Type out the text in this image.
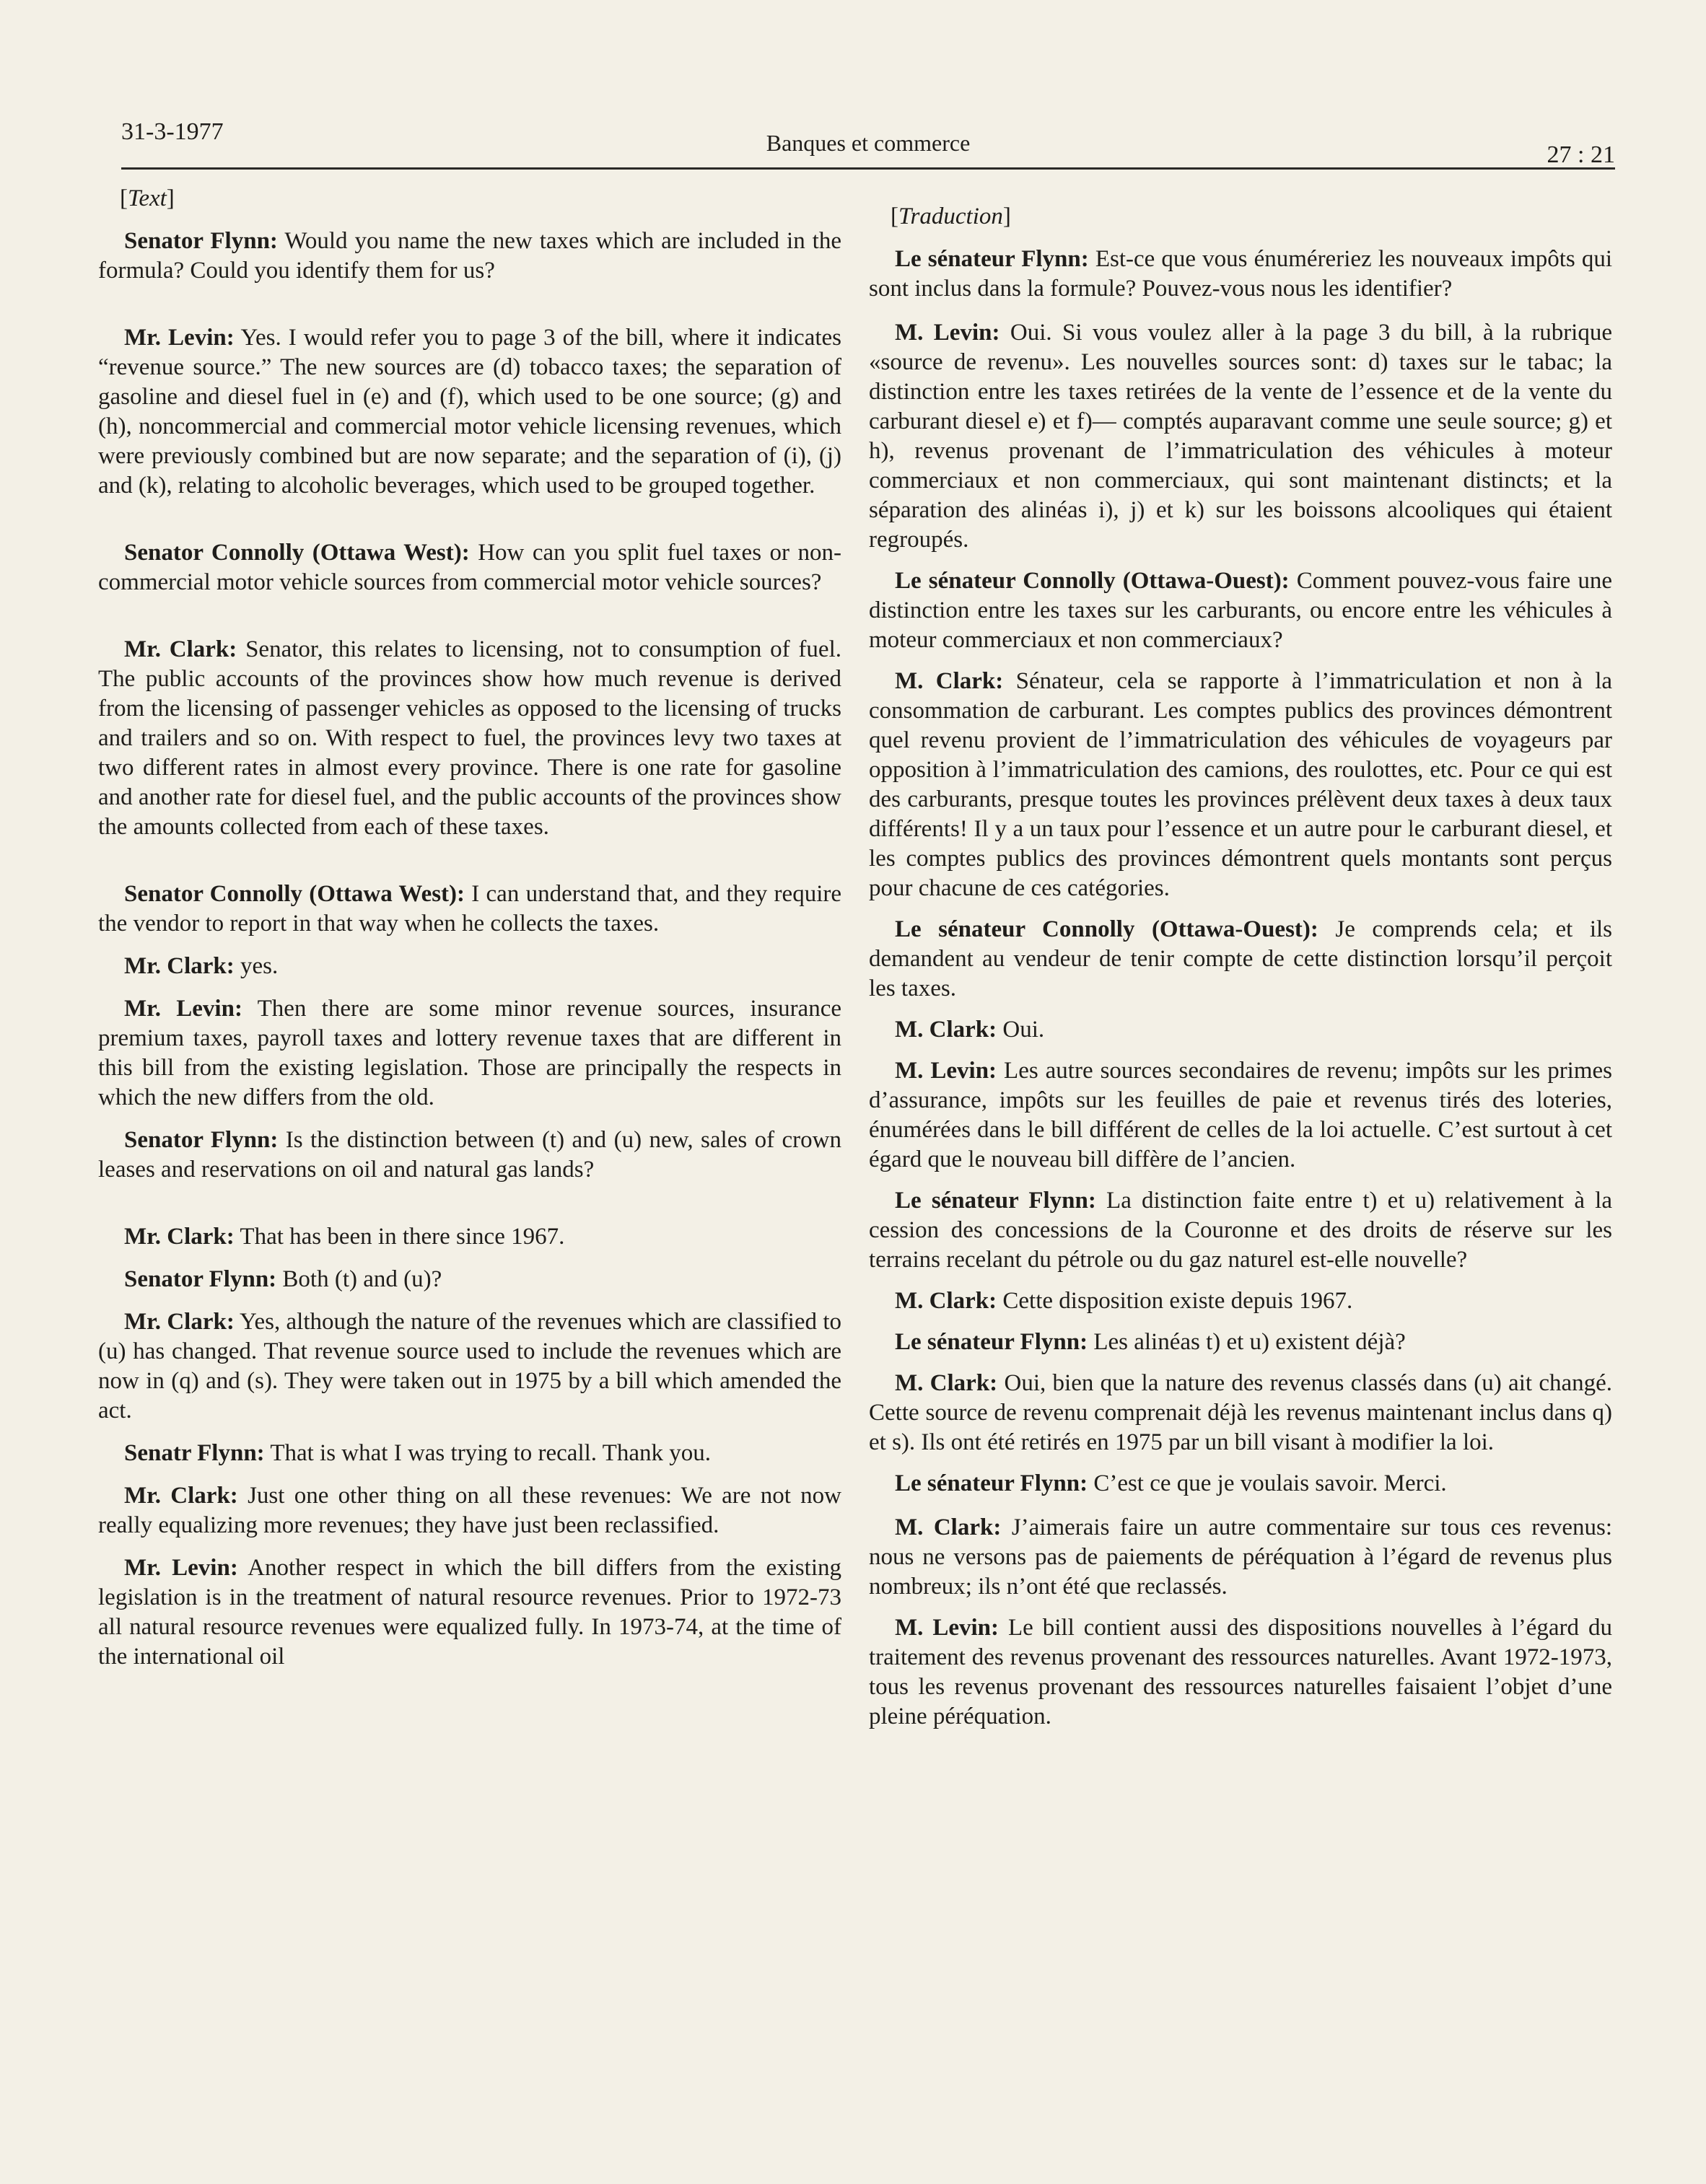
31-3-1977	Banques et commerce	27 : 21
[Text]

Senator Flynn: Would you name the new taxes which are included in the formula? Could you identify them for us?

Mr. Levin: Yes. I would refer you to page 3 of the bill, where it indicates “revenue source.” The new sources are (d) tobacco taxes; the separation of gasoline and diesel fuel in (e) and (f), which used to be one source; (g) and (h), noncommercial and commercial motor vehicle licensing revenues, which were previously combined but are now separate; and the separation of (i), (j) and (k), relating to alcoholic beverages, which used to be grouped together.

Senator Connolly (Ottawa West): How can you split fuel taxes or non-commercial motor vehicle sources from commercial motor vehicle sources?

Mr. Clark: Senator, this relates to licensing, not to consumption of fuel. The public accounts of the provinces show how much revenue is derived from the licensing of passenger vehicles as opposed to the licensing of trucks and trailers and so on. With respect to fuel, the provinces levy two taxes at two different rates in almost every province. There is one rate for gasoline and another rate for diesel fuel, and the public accounts of the provinces show the amounts collected from each of these taxes.

Senator Connolly (Ottawa West): I can understand that, and they require the vendor to report in that way when he collects the taxes.

Mr. Clark: yes.

Mr. Levin: Then there are some minor revenue sources, insurance premium taxes, payroll taxes and lottery revenue taxes that are different in this bill from the existing legislation. Those are principally the respects in which the new differs from the old.

Senator Flynn: Is the distinction between (t) and (u) new, sales of crown leases and reservations on oil and natural gas lands?

Mr. Clark: That has been in there since 1967.

Senator Flynn: Both (t) and (u)?

Mr. Clark: Yes, although the nature of the revenues which are classified to (u) has changed. That revenue source used to include the revenues which are now in (q) and (s). They were taken out in 1975 by a bill which amended the act.

Senatr Flynn: That is what I was trying to recall. Thank you.

Mr. Clark: Just one other thing on all these revenues: We are not now really equalizing more revenues; they have just been reclassified.

Mr. Levin: Another respect in which the bill differs from the existing legislation is in the treatment of natural resource revenues. Prior to 1972-73 all natural resource revenues were equalized fully. In 1973-74, at the time of the international oil

[Traduction]

Le sénateur Flynn: Est-ce que vous énuméreriez les nouveaux impôts qui sont inclus dans la formule? Pouvez-vous nous les identifier?

M. Levin: Oui. Si vous voulez aller à la page 3 du bill, à la rubrique «source de revenu». Les nouvelles sources sont: d) taxes sur le tabac; la distinction entre les taxes retirées de la vente de l’essence et de la vente du carburant diesel e) et f)— comptés auparavant comme une seule source; g) et h), revenus provenant de l’immatriculation des véhicules à moteur commerciaux et non commerciaux, qui sont maintenant distincts; et la séparation des alinéas i), j) et k) sur les boissons alcooliques qui étaient regroupés.

Le sénateur Connolly (Ottawa-Ouest): Comment pouvez-vous faire une distinction entre les taxes sur les carburants, ou encore entre les véhicules à moteur commerciaux et non commerciaux?

M. Clark: Sénateur, cela se rapporte à l’immatriculation et non à la consommation de carburant. Les comptes publics des provinces démontrent quel revenu provient de l’immatriculation des véhicules de voyageurs par opposition à l’immatriculation des camions, des roulottes, etc. Pour ce qui est des carburants, presque toutes les provinces prélèvent deux taxes à deux taux différents! Il y a un taux pour l’essence et un autre pour le carburant diesel, et les comptes publics des provinces démontrent quels montants sont perçus pour chacune de ces catégories.

Le sénateur Connolly (Ottawa-Ouest): Je comprends cela; et ils demandent au vendeur de tenir compte de cette distinction lorsqu’il perçoit les taxes.

M. Clark: Oui.

M. Levin: Les autre sources secondaires de revenu; impôts sur les primes d’assurance, impôts sur les feuilles de paie et revenus tirés des loteries, énumérées dans le bill différent de celles de la loi actuelle. C’est surtout à cet égard que le nouveau bill diffère de l’ancien.

Le sénateur Flynn: La distinction faite entre t) et u) relativement à la cession des concessions de la Couronne et des droits de réserve sur les terrains recelant du pétrole ou du gaz naturel est-elle nouvelle?

M. Clark: Cette disposition existe depuis 1967.

Le sénateur Flynn: Les alinéas t) et u) existent déjà?

M. Clark: Oui, bien que la nature des revenus classés dans (u) ait changé. Cette source de revenu comprenait déjà les revenus maintenant inclus dans q) et s). Ils ont été retirés en 1975 par un bill visant à modifier la loi.

Le sénateur Flynn: C’est ce que je voulais savoir. Merci.

M. Clark: J’aimerais faire un autre commentaire sur tous ces revenus: nous ne versons pas de paiements de péréquation à l’égard de revenus plus nombreux; ils n’ont été que reclassés.

M. Levin: Le bill contient aussi des dispositions nouvelles à l’égard du traitement des revenus provenant des ressources naturelles. Avant 1972-1973, tous les revenus provenant des ressources naturelles faisaient l’objet d’une pleine péréquation.
